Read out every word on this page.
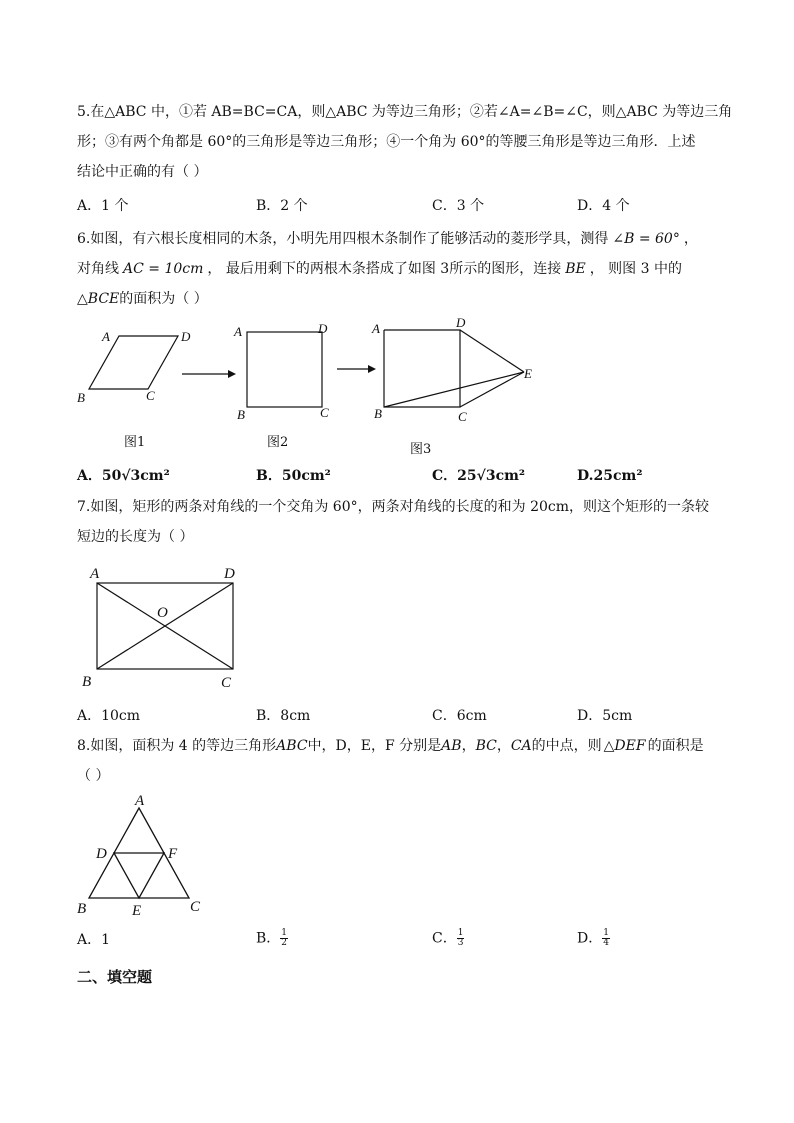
5.在△ABC 中，①若 AB=BC=CA，则△ABC 为等边三角形；②若∠A=∠B=∠C，则△ABC 为等边三角
形；③有两个角都是 60°的三角形是等边三角形；④一个角为 60°的等腰三角形是等边三角形．上述
结论中正确的有（ ）
A．1 个	B．2 个	C．3 个	D．4 个
6.如图，有六根长度相同的木条，小明先用四根木条制作了能够活动的菱形学具，测得 ∠B = 60° ，
对角线 AC = 10cm ， 最后用剩下的两根木条搭成了如图 3所示的图形，连接 BE ， 则图 3 中的
△BCE的面积为（ ）
A	D
B	C
A	D
B	C
A	D
E
B	C
图1	图2	图3
A．50√3cm²	B．50cm²	C．25√3cm²	D.25cm²
7.如图，矩形的两条对角线的一个交角为 60°，两条对角线的长度的和为 20cm，则这个矩形的一条较
短边的长度为（ ）
A	D
O
B	C
A．10cm	B．8cm	C．6cm	D．5cm
8.如图，面积为 4 的等边三角形ABC中，D，E，F 分别是AB，BC，CA的中点，则 △DEF 的面积是
（ ）
A
D	F
B	E	C
A．1	B． $\frac{1}{2}$	C． $\frac{1}{3}$	D． $\frac{1}{4}$
二、填空题
